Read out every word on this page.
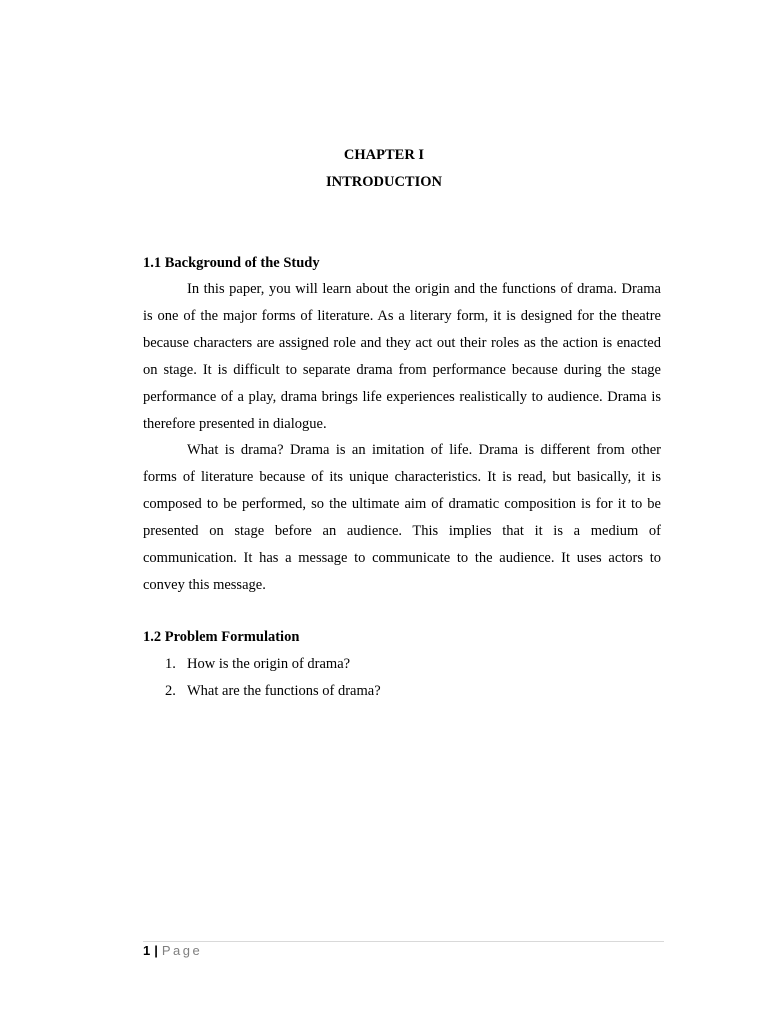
CHAPTER I
INTRODUCTION
1.1 Background of the Study

In this paper, you will learn about the origin and the functions of drama. Drama is one of the major forms of literature. As a literary form, it is designed for the theatre because characters are assigned role and they act out their roles as the action is enacted on stage. It is difficult to separate drama from performance because during the stage performance of a play, drama brings life experiences realistically to audience. Drama is therefore presented in dialogue.

What is drama? Drama is an imitation of life. Drama is different from other forms of literature because of its unique characteristics. It is read, but basically, it is composed to be performed, so the ultimate aim of dramatic composition is for it to be presented on stage before an audience. This implies that it is a medium of communication. It has a message to communicate to the audience. It uses actors to convey this message.

1.2 Problem Formulation
1. How is the origin of drama?
2. What are the functions of drama?
1 | Page
